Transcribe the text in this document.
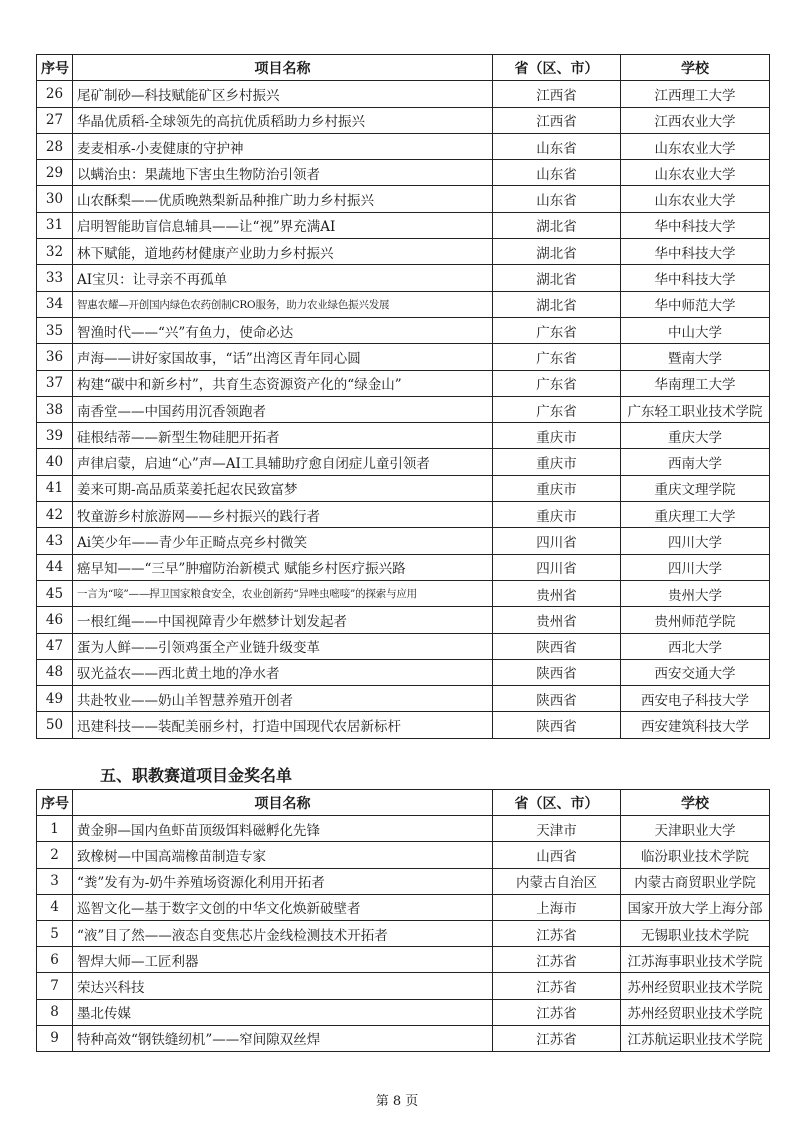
序号	项目名称	省（区、市）	学校
26	尾矿制砂—科技赋能矿区乡村振兴	江西省	江西理工大学
27	华晶优质稻-全球领先的高抗优质稻助力乡村振兴	江西省	江西农业大学
28	麦麦相承-小麦健康的守护神	山东省	山东农业大学
29	以螨治虫：果蔬地下害虫生物防治引领者	山东省	山东农业大学
30	山农酥梨——优质晚熟梨新品种推广助力乡村振兴	山东省	山东农业大学
31	启明智能助盲信息辅具——让“视”界充满AI	湖北省	华中科技大学
32	林下赋能，道地药材健康产业助力乡村振兴	湖北省	华中科技大学
33	AI宝贝：让寻亲不再孤单	湖北省	华中科技大学
34	智惠农耀—开创国内绿色农药创制CRO服务，助力农业绿色振兴发展	湖北省	华中师范大学
35	智渔时代——“兴”有鱼力，使命必达	广东省	中山大学
36	声海——讲好家国故事，“话”出湾区青年同心圆	广东省	暨南大学
37	构建“碳中和新乡村”，共育生态资源资产化的“绿金山”	广东省	华南理工大学
38	南香堂——中国药用沉香领跑者	广东省	广东轻工职业技术学院
39	硅根结蒂——新型生物硅肥开拓者	重庆市	重庆大学
40	声律启蒙，启迪“心”声—AI工具辅助疗愈自闭症儿童引领者	重庆市	西南大学
41	姜来可期-高品质菜姜托起农民致富梦	重庆市	重庆文理学院
42	牧童游乡村旅游网——乡村振兴的践行者	重庆市	重庆理工大学
43	Ai笑少年——青少年正畸点亮乡村微笑	四川省	四川大学
44	癌早知——“三早”肿瘤防治新模式 赋能乡村医疗振兴路	四川省	四川大学
45	一言为“唼”——捍卫国家粮食安全，农业创新药“异唑虫嘧唼”的探索与应用	贵州省	贵州大学
46	一根红绳——中国视障青少年燃梦计划发起者	贵州省	贵州师范学院
47	蛋为人鲜——引领鸡蛋全产业链升级变革	陕西省	西北大学
48	驭光益农——西北黄土地的净水者	陕西省	西安交通大学
49	共赴牧业——奶山羊智慧养殖开创者	陕西省	西安电子科技大学
50	迅建科技——装配美丽乡村，打造中国现代农居新标杆	陕西省	西安建筑科技大学
五、职教赛道项目金奖名单
序号	项目名称	省（区、市）	学校
1	黄金卵—国内鱼虾苗顶级饵料磁孵化先锋	天津市	天津职业大学
2	致橡树—中国高端橡苗制造专家	山西省	临汾职业技术学院
3	“粪”发有为-奶牛养殖场资源化利用开拓者	内蒙古自治区	内蒙古商贸职业学院
4	巡智文化—基于数字文创的中华文化焕新破壁者	上海市	国家开放大学上海分部
5	“液”目了然——液态自变焦芯片金线检测技术开拓者	江苏省	无锡职业技术学院
6	智焊大师—工匠利器	江苏省	江苏海事职业技术学院
7	荣达兴科技	江苏省	苏州经贸职业技术学院
8	墨北传媒	江苏省	苏州经贸职业技术学院
9	特种高效“钢铁缝纫机”——窄间隙双丝焊	江苏省	江苏航运职业技术学院
第 8 页
